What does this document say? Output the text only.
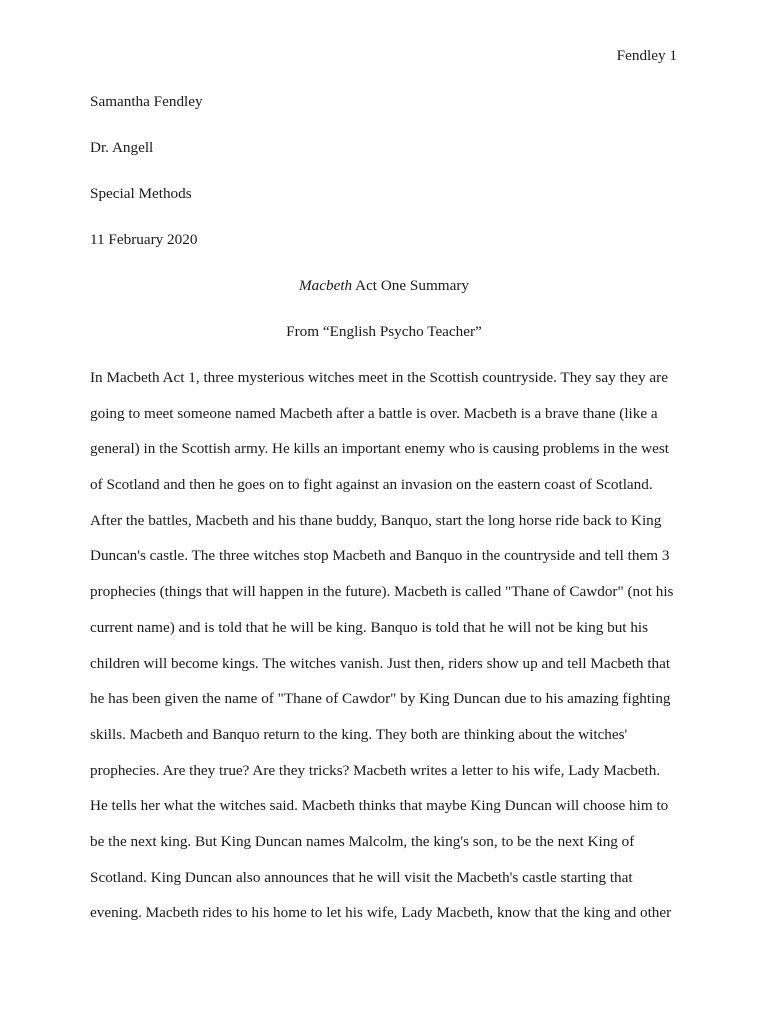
Fendley 1
Samantha Fendley
Dr. Angell
Special Methods
11 February 2020
Macbeth Act One Summary
From “English Psycho Teacher”
In Macbeth Act 1, three mysterious witches meet in the Scottish countryside. They say they are
going to meet someone named Macbeth after a battle is over. Macbeth is a brave thane (like a
general) in the Scottish army. He kills an important enemy who is causing problems in the west
of Scotland and then he goes on to fight against an invasion on the eastern coast of Scotland.
After the battles, Macbeth and his thane buddy, Banquo, start the long horse ride back to King
Duncan's castle. The three witches stop Macbeth and Banquo in the countryside and tell them 3
prophecies (things that will happen in the future). Macbeth is called "Thane of Cawdor" (not his
current name) and is told that he will be king. Banquo is told that he will not be king but his
children will become kings. The witches vanish. Just then, riders show up and tell Macbeth that
he has been given the name of "Thane of Cawdor" by King Duncan due to his amazing fighting
skills. Macbeth and Banquo return to the king. They both are thinking about the witches'
prophecies. Are they true? Are they tricks? Macbeth writes a letter to his wife, Lady Macbeth.
He tells her what the witches said. Macbeth thinks that maybe King Duncan will choose him to
be the next king. But King Duncan names Malcolm, the king's son, to be the next King of
Scotland. King Duncan also announces that he will visit the Macbeth's castle starting that
evening. Macbeth rides to his home to let his wife, Lady Macbeth, know that the king and other
